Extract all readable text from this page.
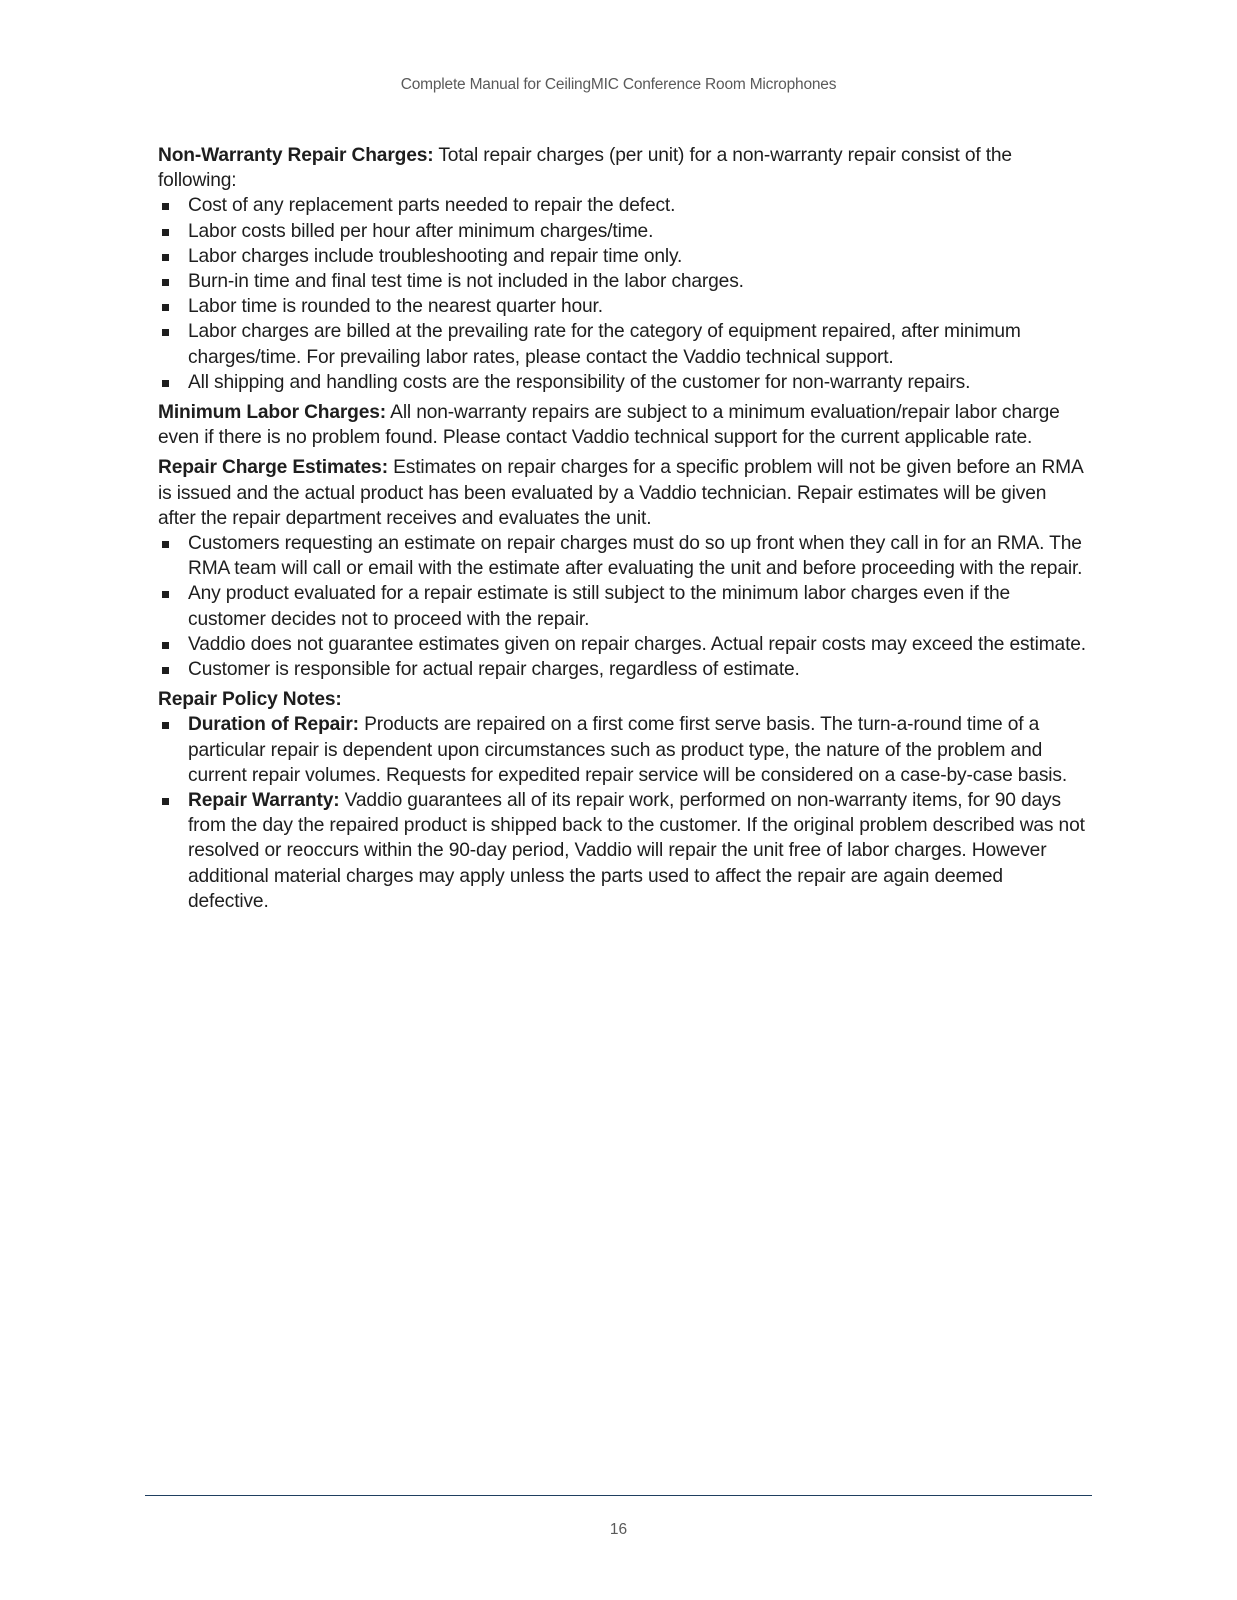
Complete Manual for CeilingMIC Conference Room Microphones

Non-Warranty Repair Charges: Total repair charges (per unit) for a non-warranty repair consist of the following:

Cost of any replacement parts needed to repair the defect.
Labor costs billed per hour after minimum charges/time.
Labor charges include troubleshooting and repair time only.
Burn-in time and final test time is not included in the labor charges.
Labor time is rounded to the nearest quarter hour.
Labor charges are billed at the prevailing rate for the category of equipment repaired, after minimum charges/time. For prevailing labor rates, please contact the Vaddio technical support.
All shipping and handling costs are the responsibility of the customer for non-warranty repairs.

Minimum Labor Charges: All non-warranty repairs are subject to a minimum evaluation/repair labor charge even if there is no problem found. Please contact Vaddio technical support for the current applicable rate.

Repair Charge Estimates: Estimates on repair charges for a specific problem will not be given before an RMA is issued and the actual product has been evaluated by a Vaddio technician. Repair estimates will be given after the repair department receives and evaluates the unit.

Customers requesting an estimate on repair charges must do so up front when they call in for an RMA. The RMA team will call or email with the estimate after evaluating the unit and before proceeding with the repair.
Any product evaluated for a repair estimate is still subject to the minimum labor charges even if the customer decides not to proceed with the repair.
Vaddio does not guarantee estimates given on repair charges. Actual repair costs may exceed the estimate.
Customer is responsible for actual repair charges, regardless of estimate.

Repair Policy Notes:

Duration of Repair: Products are repaired on a first come first serve basis. The turn-a-round time of a particular repair is dependent upon circumstances such as product type, the nature of the problem and current repair volumes. Requests for expedited repair service will be considered on a case-by-case basis.
Repair Warranty: Vaddio guarantees all of its repair work, performed on non-warranty items, for 90 days from the day the repaired product is shipped back to the customer. If the original problem described was not resolved or reoccurs within the 90-day period, Vaddio will repair the unit free of labor charges. However additional material charges may apply unless the parts used to affect the repair are again deemed defective.
16
